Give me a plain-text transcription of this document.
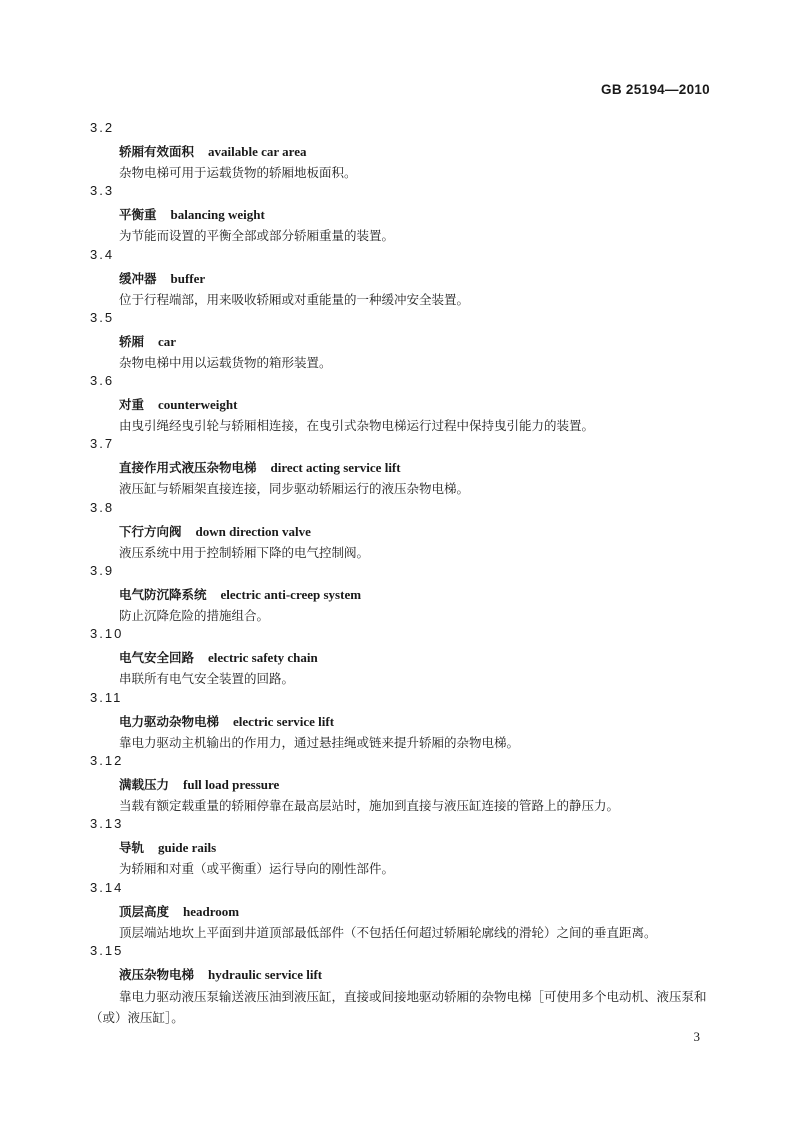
GB 25194—2010
3.2
轿厢有效面积 available car area
杂物电梯可用于运载货物的轿厢地板面积。
3.3
平衡重 balancing weight
为节能而设置的平衡全部或部分轿厢重量的装置。
3.4
缓冲器 buffer
位于行程端部，用来吸收轿厢或对重能量的一种缓冲安全装置。
3.5
轿厢 car
杂物电梯中用以运载货物的箱形装置。
3.6
对重 counterweight
由曳引绳经曳引轮与轿厢相连接，在曳引式杂物电梯运行过程中保持曳引能力的装置。
3.7
直接作用式液压杂物电梯 direct acting service lift
液压缸与轿厢架直接连接，同步驱动轿厢运行的液压杂物电梯。
3.8
下行方向阀 down direction valve
液压系统中用于控制轿厢下降的电气控制阀。
3.9
电气防沉降系统 electric anti-creep system
防止沉降危险的措施组合。
3.10
电气安全回路 electric safety chain
串联所有电气安全装置的回路。
3.11
电力驱动杂物电梯 electric service lift
靠电力驱动主机输出的作用力，通过悬挂绳或链来提升轿厢的杂物电梯。
3.12
满载压力 full load pressure
当载有额定载重量的轿厢停靠在最高层站时，施加到直接与液压缸连接的管路上的静压力。
3.13
导轨 guide rails
为轿厢和对重（或平衡重）运行导向的刚性部件。
3.14
顶层高度 headroom
顶层端站地坎上平面到井道顶部最低部件（不包括任何超过轿厢轮廓线的滑轮）之间的垂直距离。
3.15
液压杂物电梯 hydraulic service lift
靠电力驱动液压泵输送液压油到液压缸，直接或间接地驱动轿厢的杂物电梯［可使用多个电动机、液压泵和（或）液压缸］。
3
